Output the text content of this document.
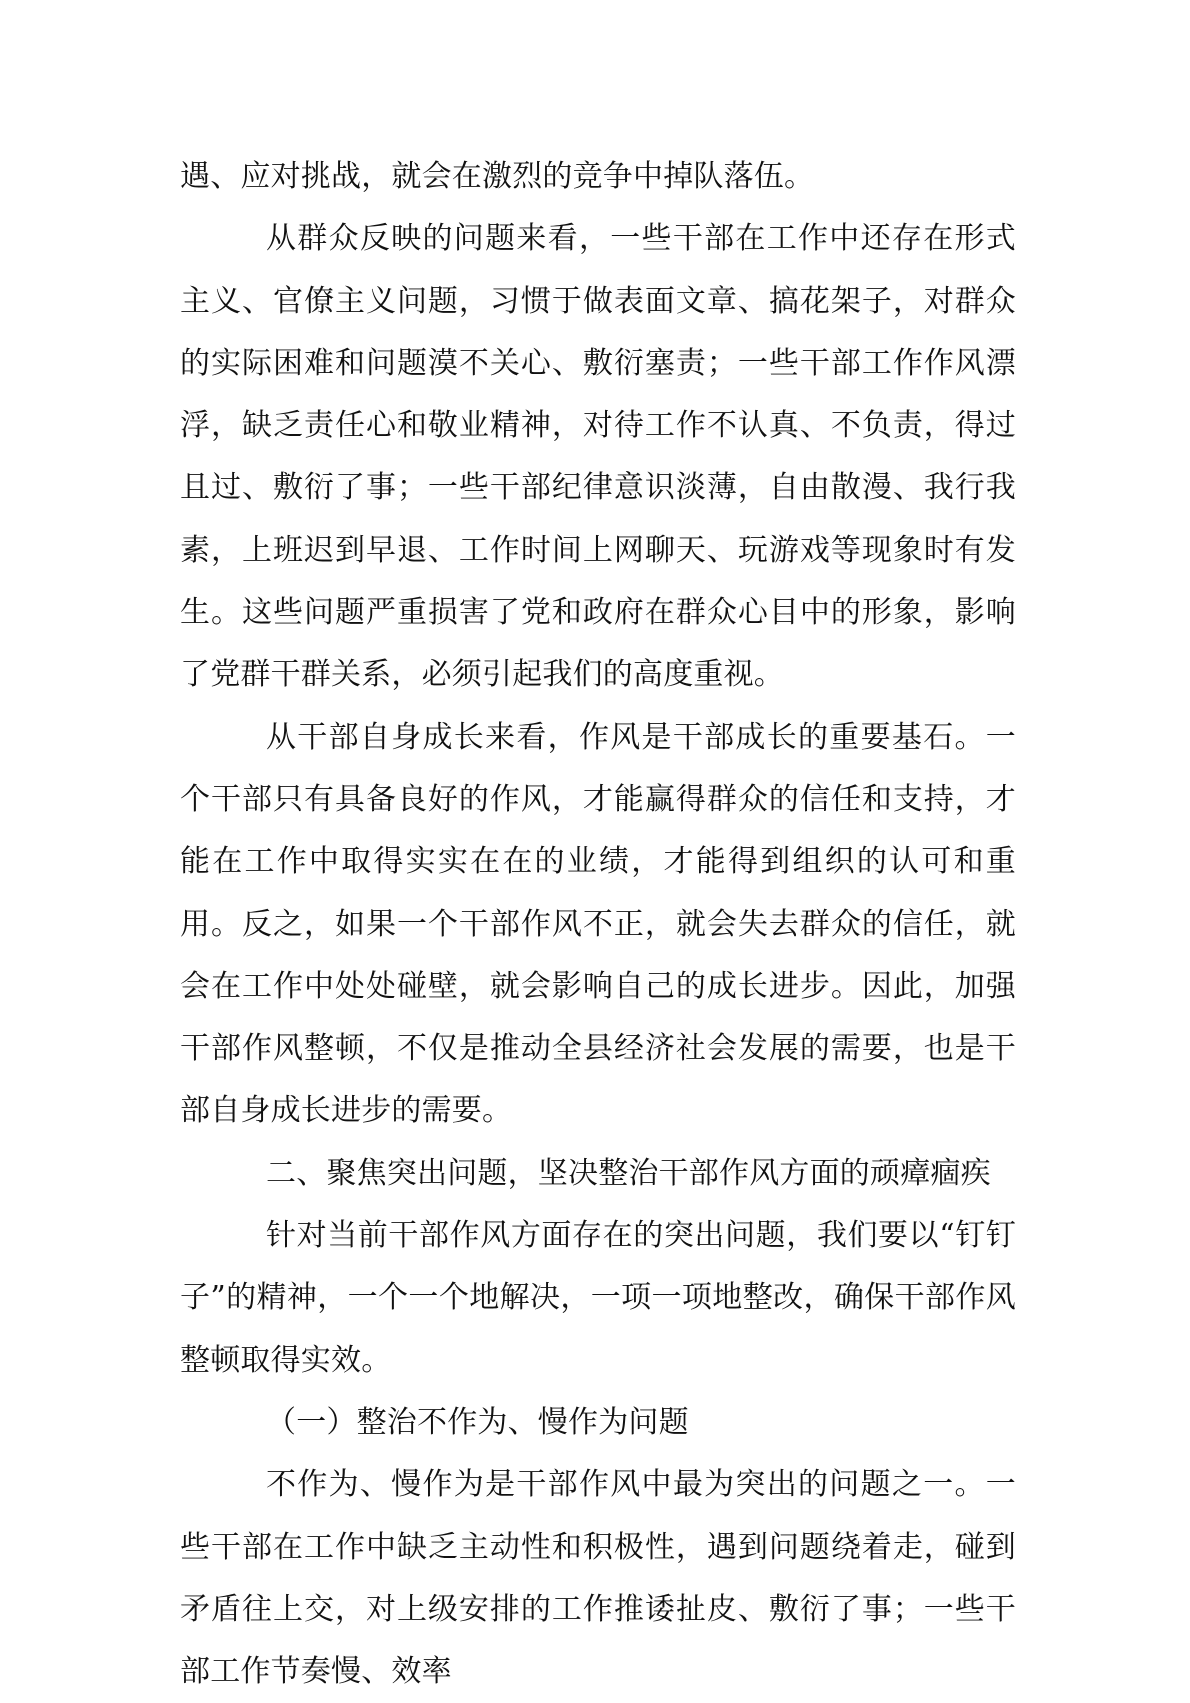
遇、应对挑战，就会在激烈的竞争中掉队落伍。

从群众反映的问题来看，一些干部在工作中还存在形式主义、官僚主义问题，习惯于做表面文章、搞花架子，对群众的实际困难和问题漠不关心、敷衍塞责；一些干部工作作风漂浮，缺乏责任心和敬业精神，对待工作不认真、不负责，得过且过、敷衍了事；一些干部纪律意识淡薄，自由散漫、我行我素，上班迟到早退、工作时间上网聊天、玩游戏等现象时有发生。这些问题严重损害了党和政府在群众心目中的形象，影响了党群干群关系，必须引起我们的高度重视。

从干部自身成长来看，作风是干部成长的重要基石。一个干部只有具备良好的作风，才能赢得群众的信任和支持，才能在工作中取得实实在在的业绩，才能得到组织的认可和重用。反之，如果一个干部作风不正，就会失去群众的信任，就会在工作中处处碰壁，就会影响自己的成长进步。因此，加强干部作风整顿，不仅是推动全县经济社会发展的需要，也是干部自身成长进步的需要。

二、聚焦突出问题，坚决整治干部作风方面的顽瘴痼疾

针对当前干部作风方面存在的突出问题，我们要以“钉钉子”的精神，一个一个地解决，一项一项地整改，确保干部作风整顿取得实效。

（一）整治不作为、慢作为问题

不作为、慢作为是干部作风中最为突出的问题之一。一些干部在工作中缺乏主动性和积极性，遇到问题绕着走，碰到矛盾往上交，对上级安排的工作推诿扯皮、敷衍了事；一些干部工作节奏慢、效率
